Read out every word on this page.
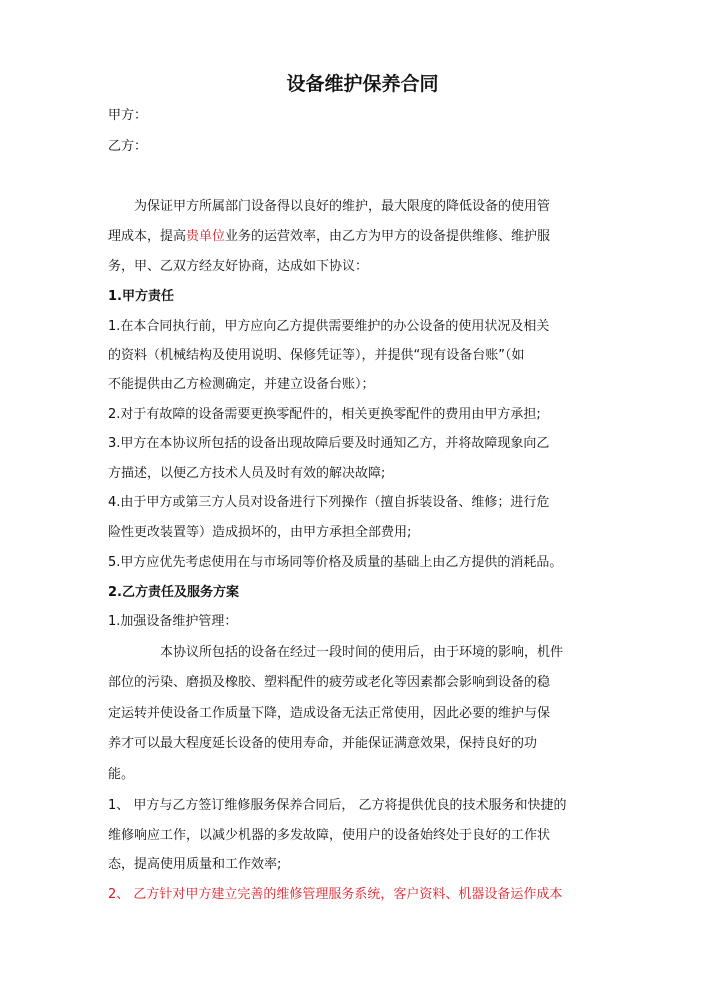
设备维护保养合同
甲方：
乙方：
为保证甲方所属部门设备得以良好的维护，最大限度的降低设备的使用管
理成本，提高贵单位业务的运营效率，由乙方为甲方的设备提供维修、维护服
务，甲、乙双方经友好协商，达成如下协议：
1.甲方责任
1.在本合同执行前，甲方应向乙方提供需要维护的办公设备的使用状况及相关
的资料（机械结构及使用说明、保修凭证等），并提供“现有设备台账”（如
不能提供由乙方检测确定，并建立设备台账）；
2.对于有故障的设备需要更换零配件的，相关更换零配件的费用由甲方承担;
3.甲方在本协议所包括的设备出现故障后要及时通知乙方，并将故障现象向乙
方描述，以便乙方技术人员及时有效的解决故障;
4.由于甲方或第三方人员对设备进行下列操作（擅自拆装设备、维修；进行危
险性更改装置等）造成损坏的，由甲方承担全部费用;
5.甲方应优先考虑使用在与市场同等价格及质量的基础上由乙方提供的消耗品。
2.乙方责任及服务方案
1.加强设备维护管理：
本协议所包括的设备在经过一段时间的使用后，由于环境的影响，机件
部位的污染、磨损及橡胶、塑料配件的疲劳或老化等因素都会影响到设备的稳
定运转并使设备工作质量下降，造成设备无法正常使用，因此必要的维护与保
养才可以最大程度延长设备的使用寿命，并能保证满意效果，保持良好的功
能。
1、 甲方与乙方签订维修服务保养合同后， 乙方将提供优良的技术服务和快捷的
维修响应工作，以减少机器的多发故障，使用户的设备始终处于良好的工作状
态，提高使用质量和工作效率;
2、 乙方针对甲方建立完善的维修管理服务系统，客户资料、机器设备运作成本
